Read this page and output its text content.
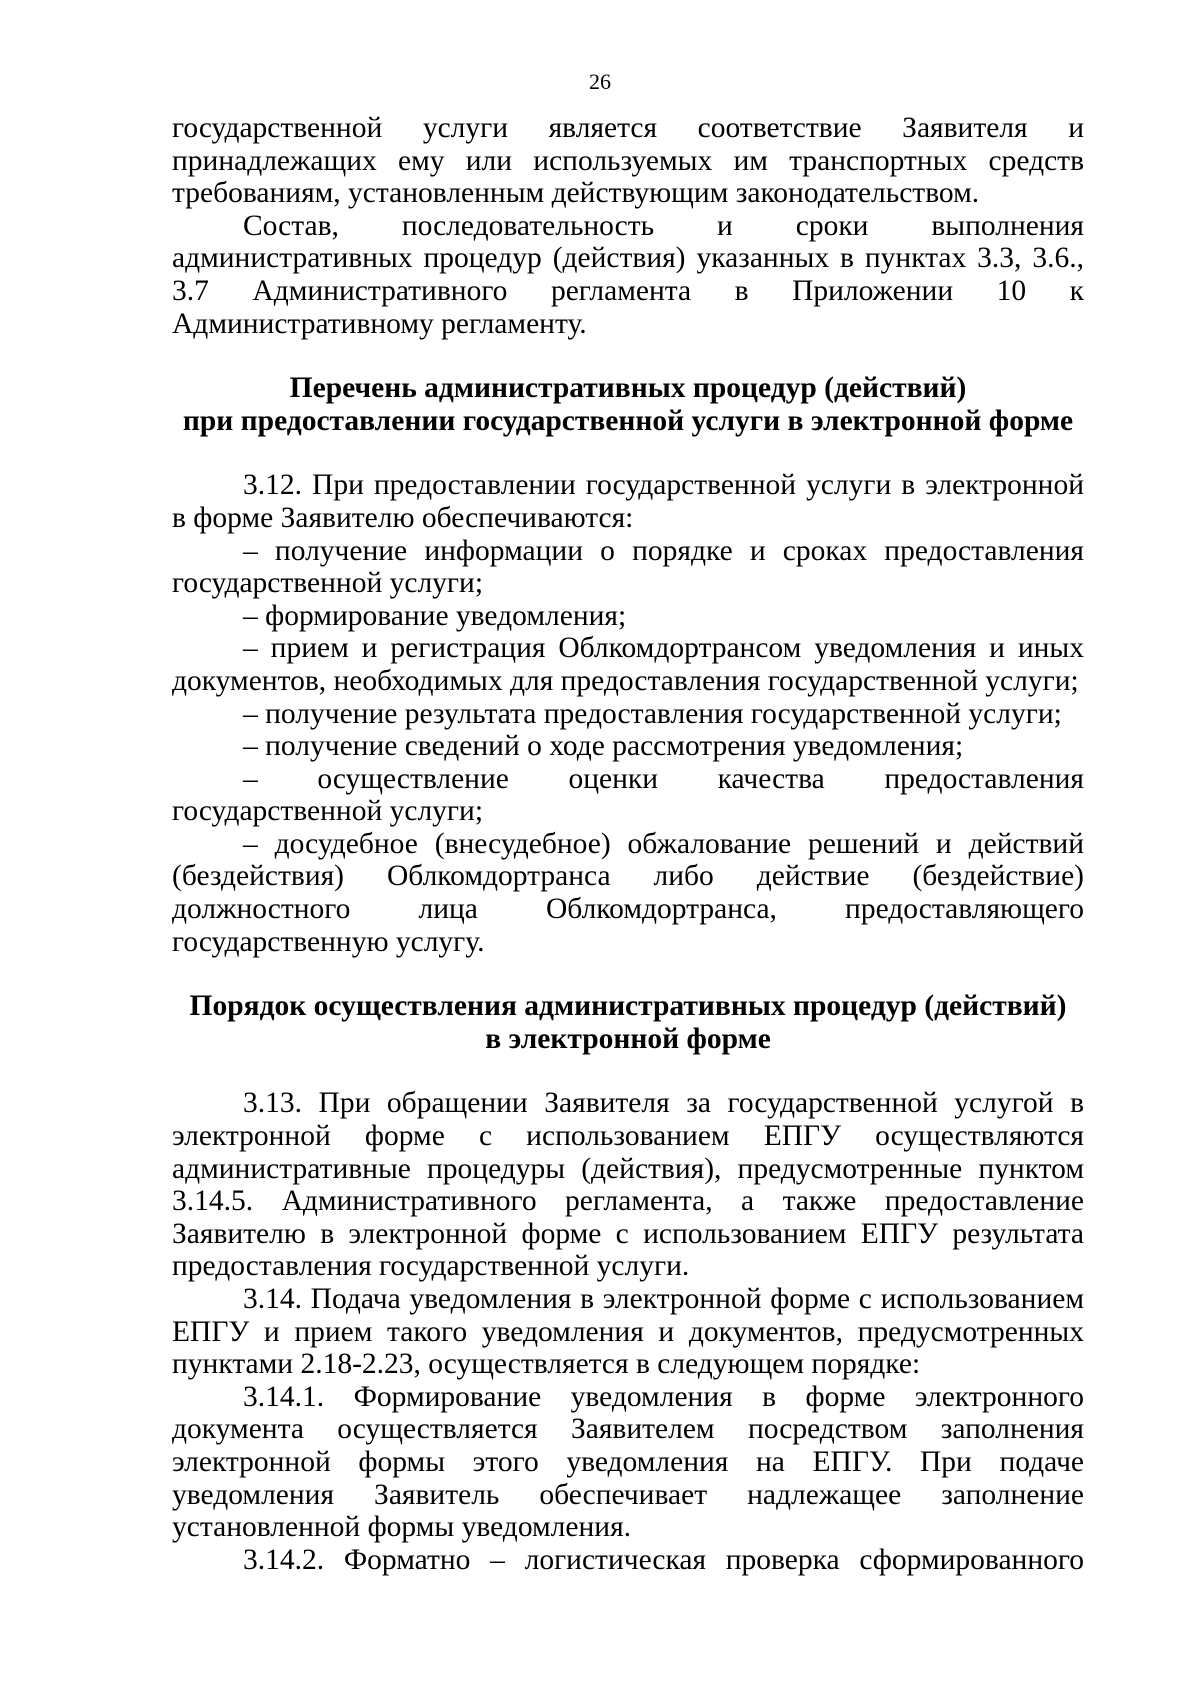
26

государственной услуги является соответствие Заявителя и принадлежащих ему или используемых им транспортных средств требованиям, установленным действующим законодательством.

Состав, последовательность и сроки выполнения административных процедур (действия) указанных в пунктах 3.3, 3.6., 3.7 Административного регламента в Приложении 10 к Административному регламенту.

Перечень административных процедур (действий)
при предоставлении государственной услуги в электронной форме

3.12. При предоставлении государственной услуги в электронной в форме Заявителю обеспечиваются:

– получение информации о порядке и сроках предоставления государственной услуги;

– формирование уведомления;

– прием и регистрация Облкомдортрансом уведомления и иных документов, необходимых для предоставления государственной услуги;

– получение результата предоставления государственной услуги;

– получение сведений о ходе рассмотрения уведомления;

– осуществление оценки качества предоставления государственной услуги;

– досудебное (внесудебное) обжалование решений и действий (бездействия) Облкомдортранса либо действие (бездействие) должностного лица Облкомдортранса, предоставляющего государственную услугу.

Порядок осуществления административных процедур (действий)
в электронной форме

3.13. При обращении Заявителя за государственной услугой в электронной форме с использованием ЕПГУ осуществляются административные процедуры (действия), предусмотренные пунктом 3.14.5. Административного регламента, а также предоставление Заявителю в электронной форме с использованием ЕПГУ результата предоставления государственной услуги.

3.14. Подача уведомления в электронной форме с использованием ЕПГУ и прием такого уведомления и документов, предусмотренных пунктами 2.18-2.23, осуществляется в следующем порядке:

3.14.1. Формирование уведомления в форме электронного документа осуществляется Заявителем посредством заполнения электронной формы этого уведомления на ЕПГУ. При подаче уведомления Заявитель обеспечивает надлежащее заполнение установленной формы уведомления.

3.14.2. Форматно – логистическая проверка сформированного
